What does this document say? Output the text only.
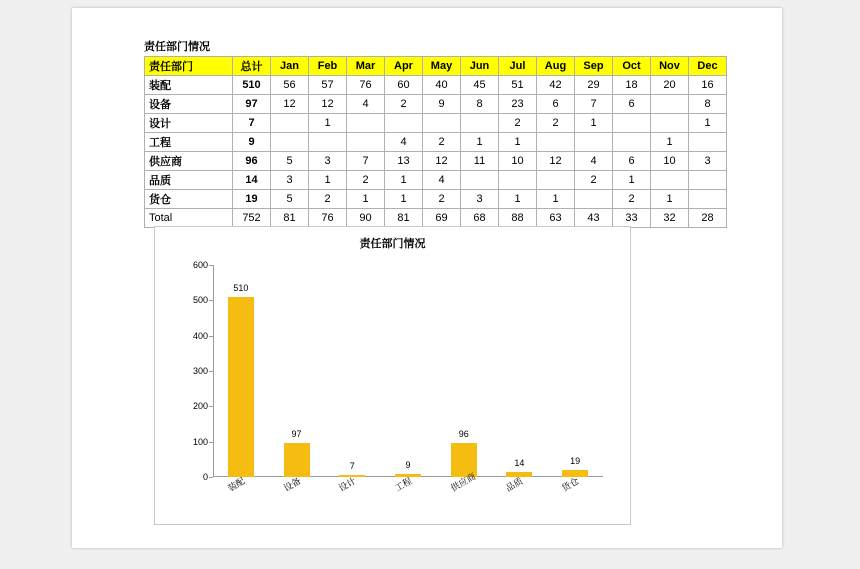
责任部门情况
责任部门	总计	Jan	Feb	Mar	Apr	May	Jun	Jul	Aug	Sep	Oct	Nov	Dec
装配	510	56	57	76	60	40	45	51	42	29	18	20	16
设备	97	12	12	4	2	9	8	23	6	7	6		8
设计	7		1					2	2	1			1
工程	9				4	2	1	1				1	
供应商	96	5	3	7	13	12	11	10	12	4	6	10	3
品质	14	3	1	2	1	4				2	1		
货仓	19	5	2	1	1	2	3	1	1		2	1	
Total	752	81	76	90	81	69	68	88	63	43	33	32	28
责任部门情况
0
100
200
300
400
500
600
510
装配
97
设备
7
设计
9
工程
96
供应商
14
品质
19
货仓
